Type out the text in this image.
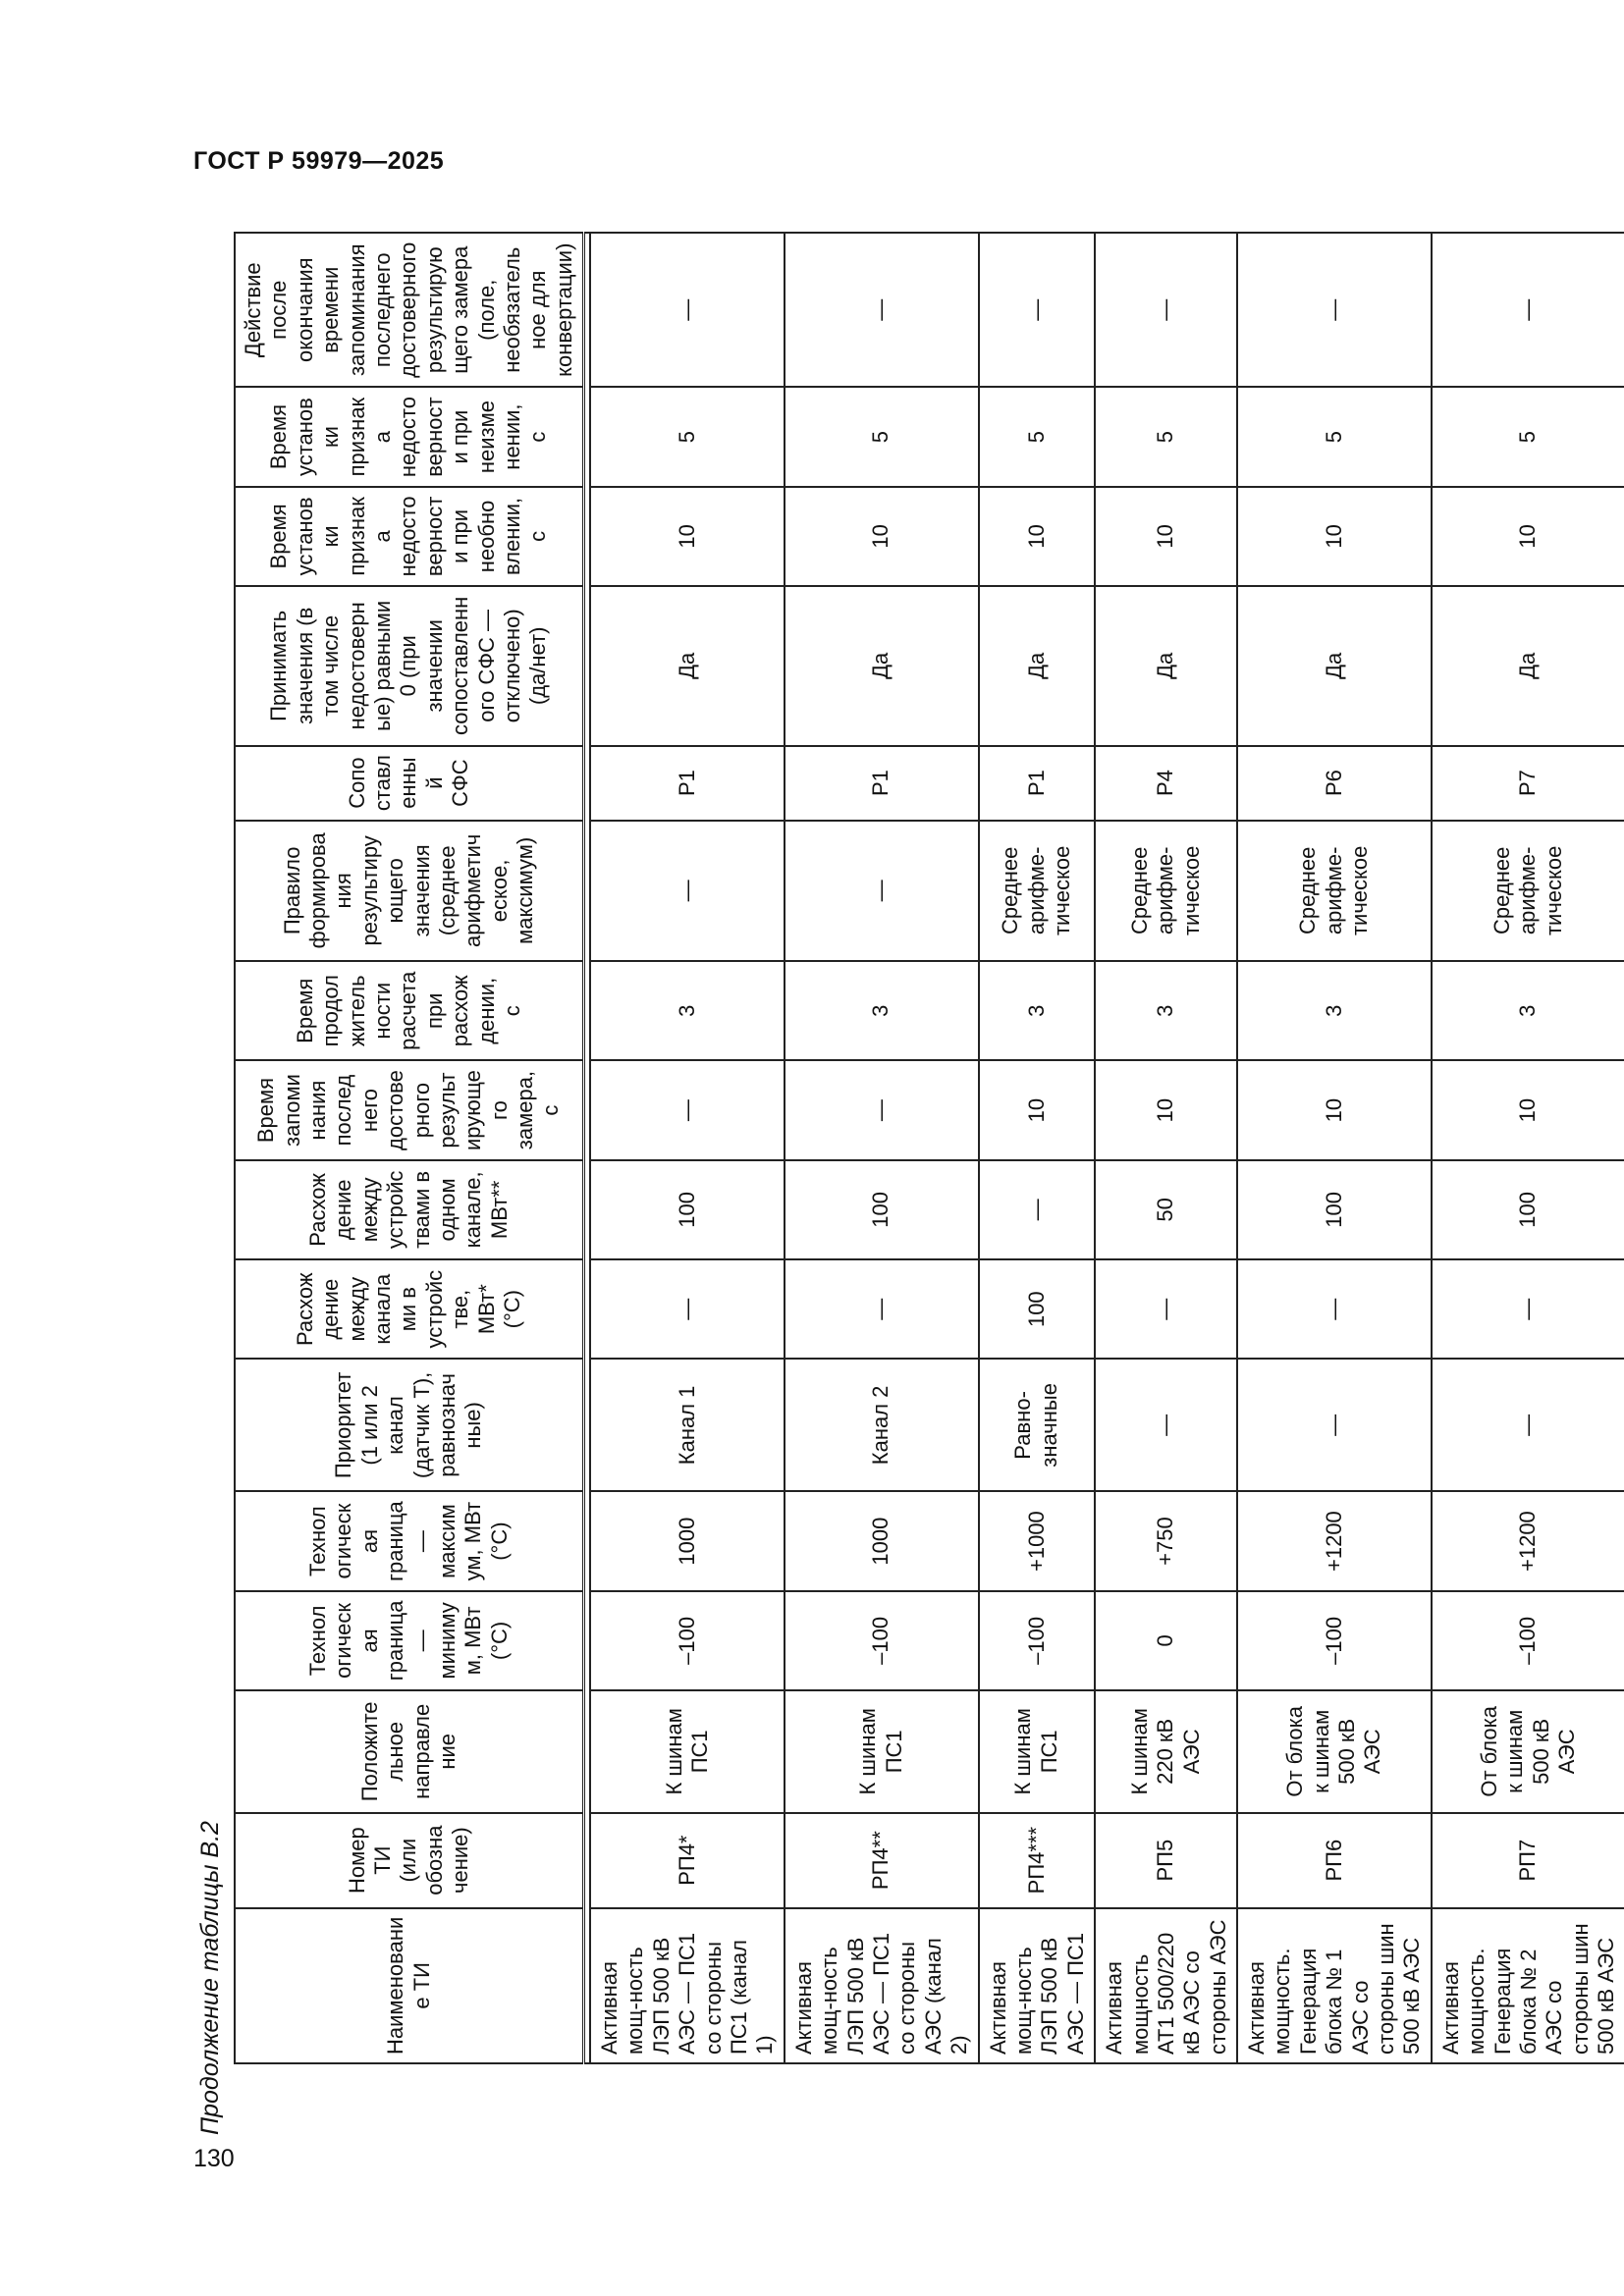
ГОСТ Р 59979—2025
Продолжение таблицы В.2	Наименование ТИ	Номер ТИ (или обозначение)	Положительное направление	Технологическая граница — минимум, МВт (°С)	Технологическая граница — максимум, МВт (°С)	Приоритет (1 или 2 канал (датчик Т), равнозначные)	Расхождение между каналами в устройстве, МВт* (°С)	Расхождение между устройствами в одном канале, МВт**	Время запоминания последнего достоверного результирующего замера, с	Время продолжительности расчета при расхождении, с	Правило формирования результирующего значения (среднее арифметическое, максимум)	Сопоставленный СФС	Принимать значения (в том числе недостоверные) равными 0 (при значении сопоставленного СФС — отключено) (да/нет)	Время установки признака недостоверности при необновлении, с	Время установки признака недостоверности при неизменении, с	Действие после окончания времени запоминания последнего достоверного результирующего замера (поле, необязательное для конвертации)

Активная мощ-ность ЛЭП 500 кВ АЭС — ПС1 со стороны ПС1 (канал 1)	РП4*	К шинам ПС1	–100	1000	Канал 1	—	100	—	3	—	Р1	Да	10	5	—
Активная мощ-ность ЛЭП 500 кВ АЭС — ПС1 со стороны АЭС (канал 2)	РП4**	К шинам ПС1	–100	1000	Канал 2	—	100	—	3	—	Р1	Да	10	5	—
Активная мощ-ность ЛЭП 500 кВ АЭС — ПС1	РП4***	К шинам ПС1	–100	+1000	Равно-значные	100	—	10	3	Среднее арифме-тическое	Р1	Да	10	5	—
Активная мощность АТ1 500/220 кВ АЭС со стороны АЭС	РП5	К шинам 220 кВ АЭС	0	+750	—	—	50	10	3	Среднее арифме-тическое	Р4	Да	10	5	—
Активная мощность. Генерация блока № 1 АЭС со стороны шин 500 кВ АЭС	РП6	От блока к шинам 500 кВ АЭС	–100	+1200	—	—	100	10	3	Среднее арифме-тическое	Р6	Да	10	5	—
Активная мощность. Генерация блока № 2 АЭС со стороны шин 500 кВ АЭС	РП7	От блока к шинам 500 кВ АЭС	–100	+1200	—	—	100	10	3	Среднее арифме-тическое	Р7	Да	10	5	—
130
